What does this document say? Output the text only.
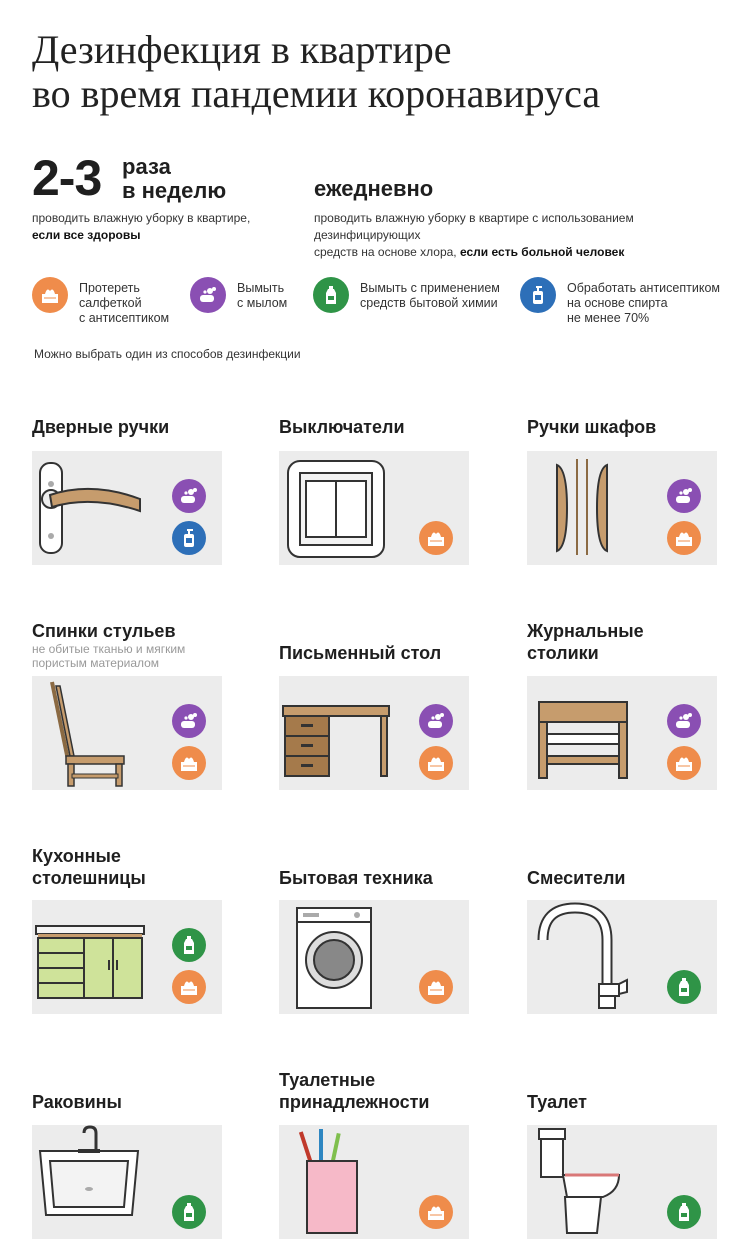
Дезинфекция в квартире
во время пандемии коронавируса
2-3 раза
в неделю
проводить влажную уборку в квартире,
если все здоровы
ежедневно
проводить влажную уборку в квартире с использованием дезинфицирующих
средств на основе хлора, если есть больной человек
Протереть
салфеткой
с антисептиком
Вымыть
с мылом
Вымыть с применением
средств бытовой химии
Обработать антисептиком
на основе спирта
не менее 70%
Можно выбрать один из способов дезинфекции
Дверные ручки	Выключатели	Ручки шкафов
Спинки стульев
не обитые тканью и мягким
пористым материалом	Письменный стол
Журнальные
столики
Кухонные
столешницы	Бытовая техника	Смесители
Раковины
Туалетные
принадлежности	Туалет
